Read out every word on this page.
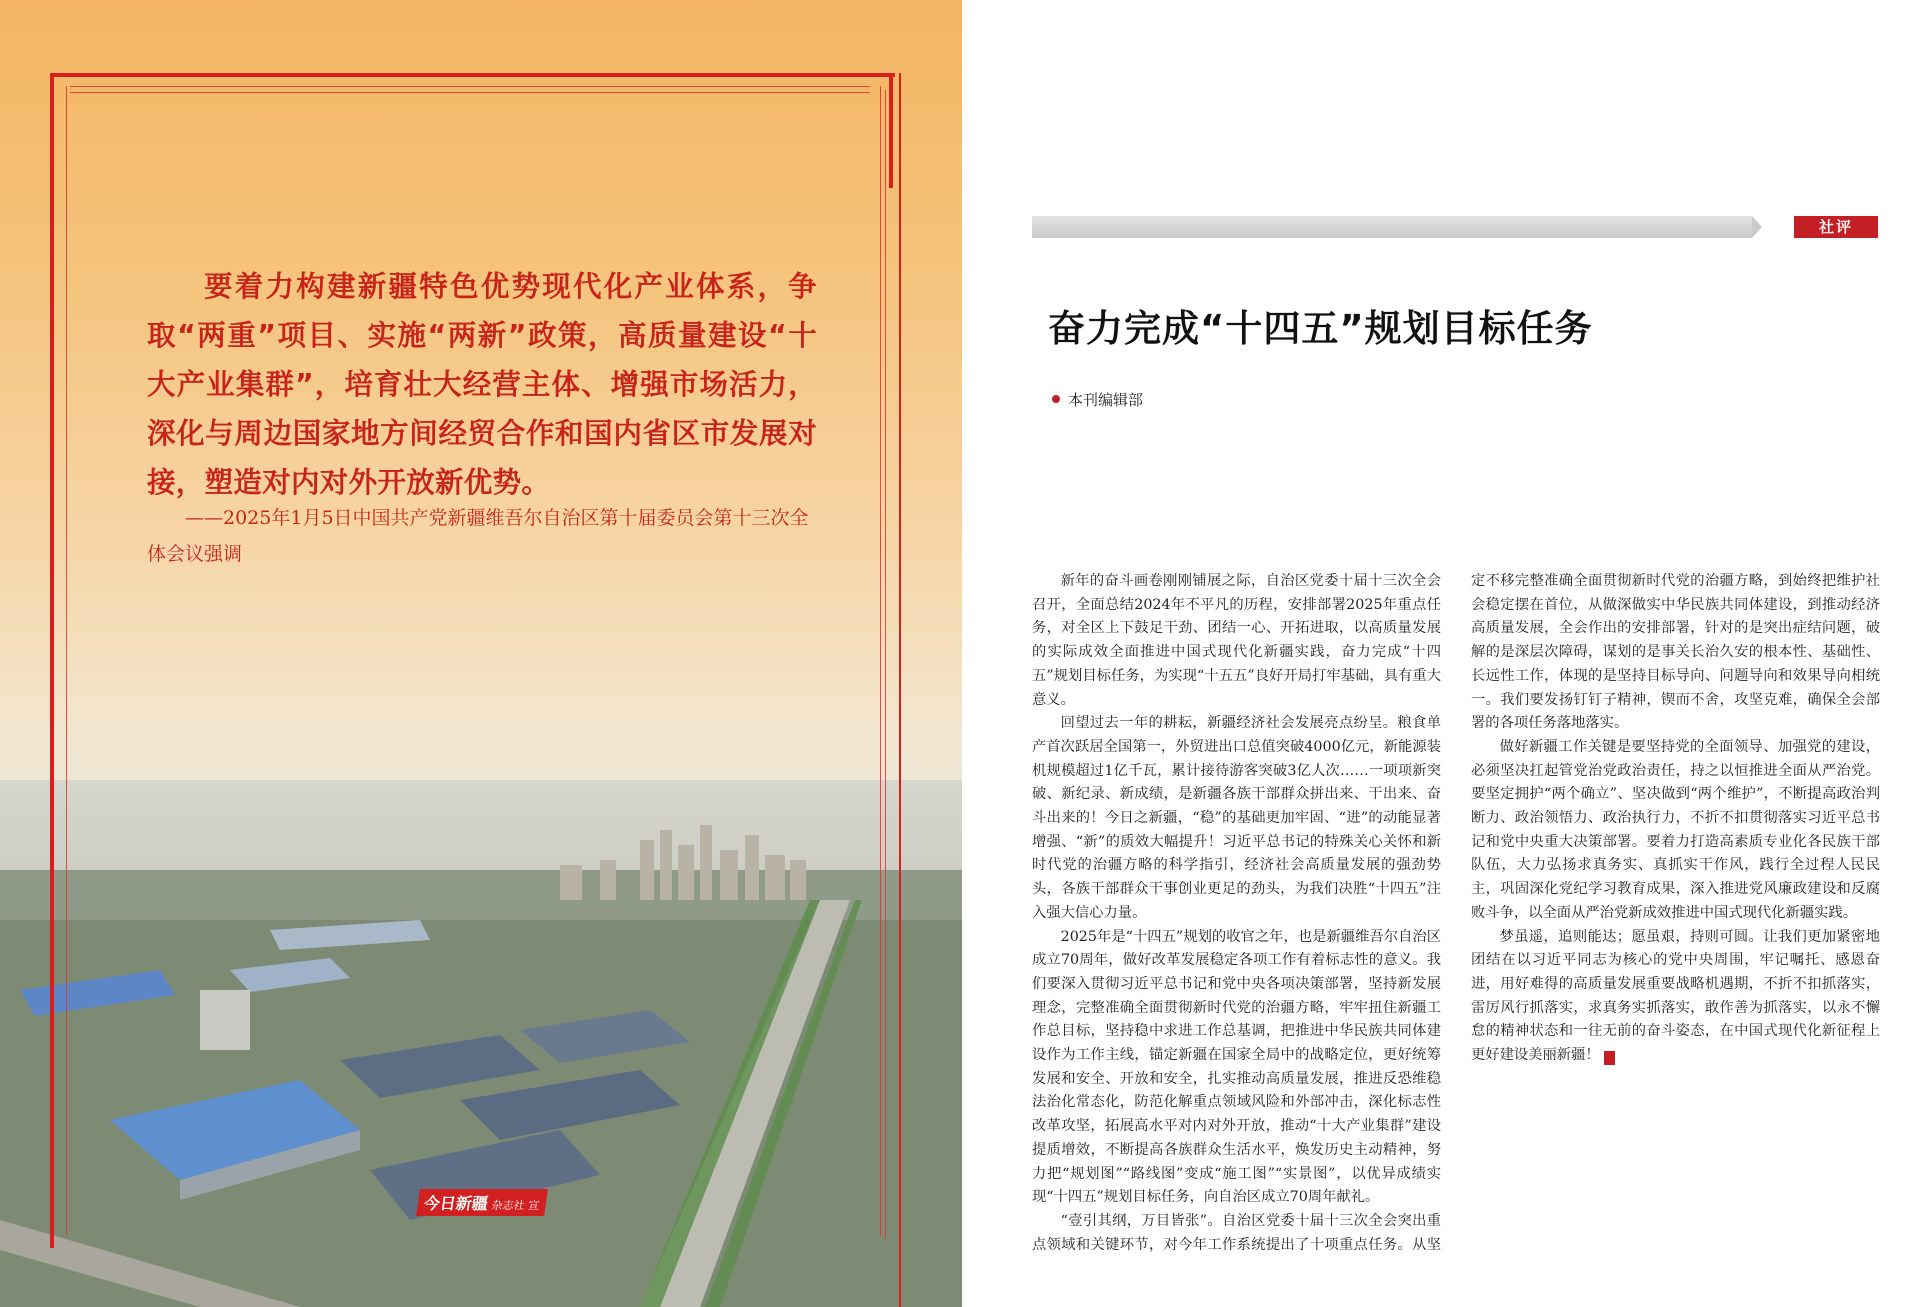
要着力构建新疆特色优势现代化产业体系，争取“两重”项目、实施“两新”政策，高质量建设“十大产业集群”，培育壮大经营主体、增强市场活力，深化与周边国家地方间经贸合作和国内省区市发展对接，塑造对内对外开放新优势。

——2025年1月5日中国共产党新疆维吾尔自治区第十届委员会第十三次全体会议强调

今日新疆杂志社 宣
社评
奋力完成“十四五”规划目标任务
本刊编辑部

新年的奋斗画卷刚刚铺展之际，自治区党委十届十三次全会召开，全面总结2024年不平凡的历程，安排部署2025年重点任务，对全区上下鼓足干劲、团结一心、开拓进取，以高质量发展的实际成效全面推进中国式现代化新疆实践，奋力完成“十四五”规划目标任务，为实现“十五五”良好开局打牢基础，具有重大意义。

回望过去一年的耕耘，新疆经济社会发展亮点纷呈。粮食单产首次跃居全国第一，外贸进出口总值突破4000亿元，新能源装机规模超过1亿千瓦，累计接待游客突破3亿人次……一项项新突破、新纪录、新成绩，是新疆各族干部群众拼出来、干出来、奋斗出来的！今日之新疆，“稳”的基础更加牢固、“进”的动能显著增强、“新”的质效大幅提升！习近平总书记的特殊关心关怀和新时代党的治疆方略的科学指引，经济社会高质量发展的强劲势头，各族干部群众干事创业更足的劲头，为我们决胜“十四五”注入强大信心力量。

2025年是“十四五”规划的收官之年，也是新疆维吾尔自治区成立70周年，做好改革发展稳定各项工作有着标志性的意义。我们要深入贯彻习近平总书记和党中央各项决策部署，坚持新发展理念，完整准确全面贯彻新时代党的治疆方略，牢牢扭住新疆工作总目标，坚持稳中求进工作总基调，把推进中华民族共同体建设作为工作主线，锚定新疆在国家全局中的战略定位，更好统筹发展和安全、开放和安全，扎实推动高质量发展，推进反恐维稳法治化常态化，防范化解重点领域风险和外部冲击，深化标志性改革攻坚，拓展高水平对内对外开放，推动“十大产业集群”建设提质增效，不断提高各族群众生活水平，焕发历史主动精神，努力把“规划图”“路线图”变成“施工图”“实景图”，以优异成绩实现“十四五”规划目标任务，向自治区成立70周年献礼。

“壹引其纲，万目皆张”。自治区党委十届十三次全会突出重点领域和关键环节，对今年工作系统提出了十项重点任务。从坚定不移完整准确全面贯彻新时代党的治疆方略，到始终把维护社会稳定摆在首位，从做深做实中华民族共同体建设，到推动经济高质量发展，全会作出的安排部署，针对的是突出症结问题，破解的是深层次障碍，谋划的是事关长治久安的根本性、基础性、长远性工作，体现的是坚持目标导向、问题导向和效果导向相统一。我们要发扬钉钉子精神，锲而不舍，攻坚克难，确保全会部署的各项任务落地落实。

做好新疆工作关键是要坚持党的全面领导、加强党的建设，必须坚决扛起管党治党政治责任，持之以恒推进全面从严治党。要坚定拥护“两个确立”、坚决做到“两个维护”，不断提高政治判断力、政治领悟力、政治执行力，不折不扣贯彻落实习近平总书记和党中央重大决策部署。要着力打造高素质专业化各民族干部队伍，大力弘扬求真务实、真抓实干作风，践行全过程人民民主，巩固深化党纪学习教育成果，深入推进党风廉政建设和反腐败斗争，以全面从严治党新成效推进中国式现代化新疆实践。

梦虽遥，追则能达；愿虽艰，持则可圆。让我们更加紧密地团结在以习近平同志为核心的党中央周围，牢记嘱托、感恩奋进，用好难得的高质量发展重要战略机遇期，不折不扣抓落实，雷厉风行抓落实，求真务实抓落实，敢作善为抓落实，以永不懈怠的精神状态和一往无前的奋斗姿态，在中国式现代化新征程上更好建设美丽新疆！	J
